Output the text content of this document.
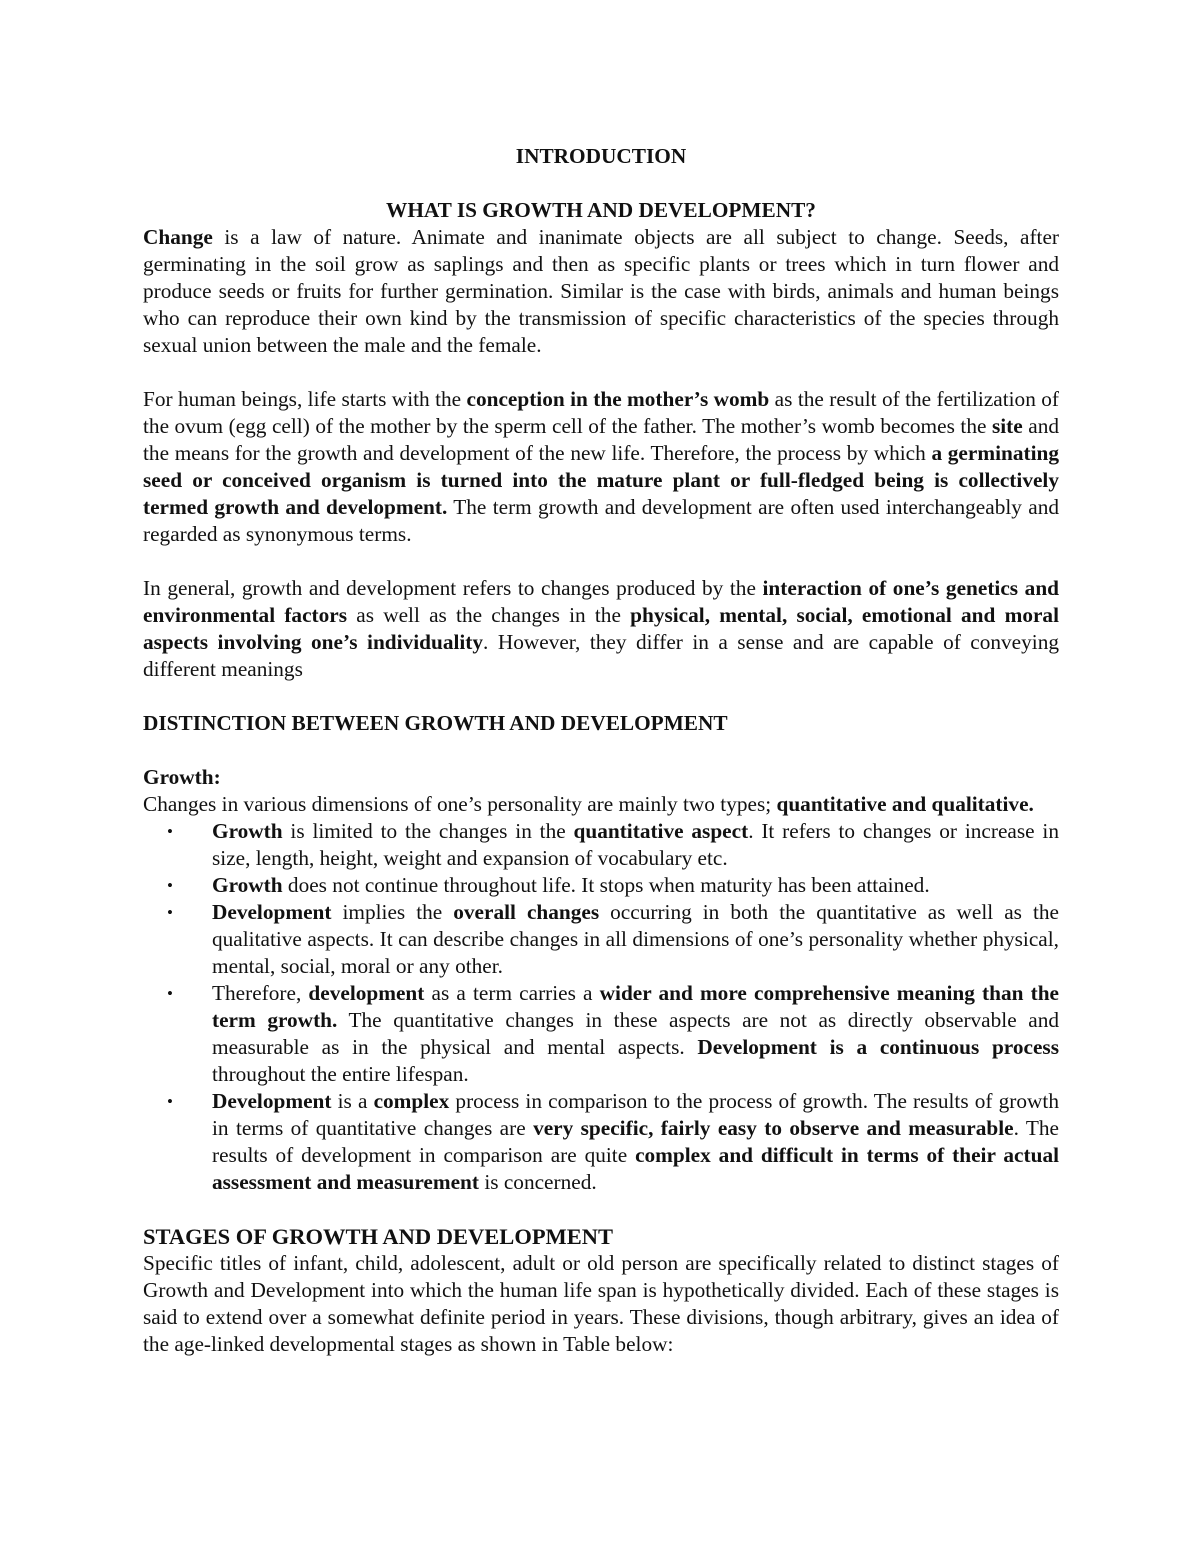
INTRODUCTION

WHAT IS GROWTH AND DEVELOPMENT?

Change is a law of nature. Animate and inanimate objects are all subject to change. Seeds, after germinating in the soil grow as saplings and then as specific plants or trees which in turn flower and produce seeds or fruits for further germination. Similar is the case with birds, animals and human beings who can reproduce their own kind by the transmission of specific characteristics of the species through sexual union between the male and the female.

For human beings, life starts with the conception in the mother’s womb as the result of the fertilization of the ovum (egg cell) of the mother by the sperm cell of the father. The mother’s womb becomes the site and the means for the growth and development of the new life. Therefore, the process by which a germinating seed or conceived organism is turned into the mature plant or full-fledged being is collectively termed growth and development. The term growth and development are often used interchangeably and regarded as synonymous terms.

In general, growth and development refers to changes produced by the interaction of one’s genetics and environmental factors as well as the changes in the physical, mental, social, emotional and moral aspects involving one’s individuality. However, they differ in a sense and are capable of conveying different meanings

DISTINCTION BETWEEN GROWTH AND DEVELOPMENT

Growth:

Changes in various dimensions of one’s personality are mainly two types; quantitative and qualitative.

• Growth is limited to the changes in the quantitative aspect. It refers to changes or increase in size, length, height, weight and expansion of vocabulary etc.
• Growth does not continue throughout life. It stops when maturity has been attained.
• Development implies the overall changes occurring in both the quantitative as well as the qualitative aspects. It can describe changes in all dimensions of one’s personality whether physical, mental, social, moral or any other.
• Therefore, development as a term carries a wider and more comprehensive meaning than the term growth. The quantitative changes in these aspects are not as directly observable and measurable as in the physical and mental aspects. Development is a continuous process throughout the entire lifespan.
• Development is a complex process in comparison to the process of growth. The results of growth in terms of quantitative changes are very specific, fairly easy to observe and measurable. The results of development in comparison are quite complex and difficult in terms of their actual assessment and measurement is concerned.

STAGES OF GROWTH AND DEVELOPMENT

Specific titles of infant, child, adolescent, adult or old person are specifically related to distinct stages of Growth and Development into which the human life span is hypothetically divided. Each of these stages is said to extend over a somewhat definite period in years. These divisions, though arbitrary, gives an idea of the age-linked developmental stages as shown in Table below:
